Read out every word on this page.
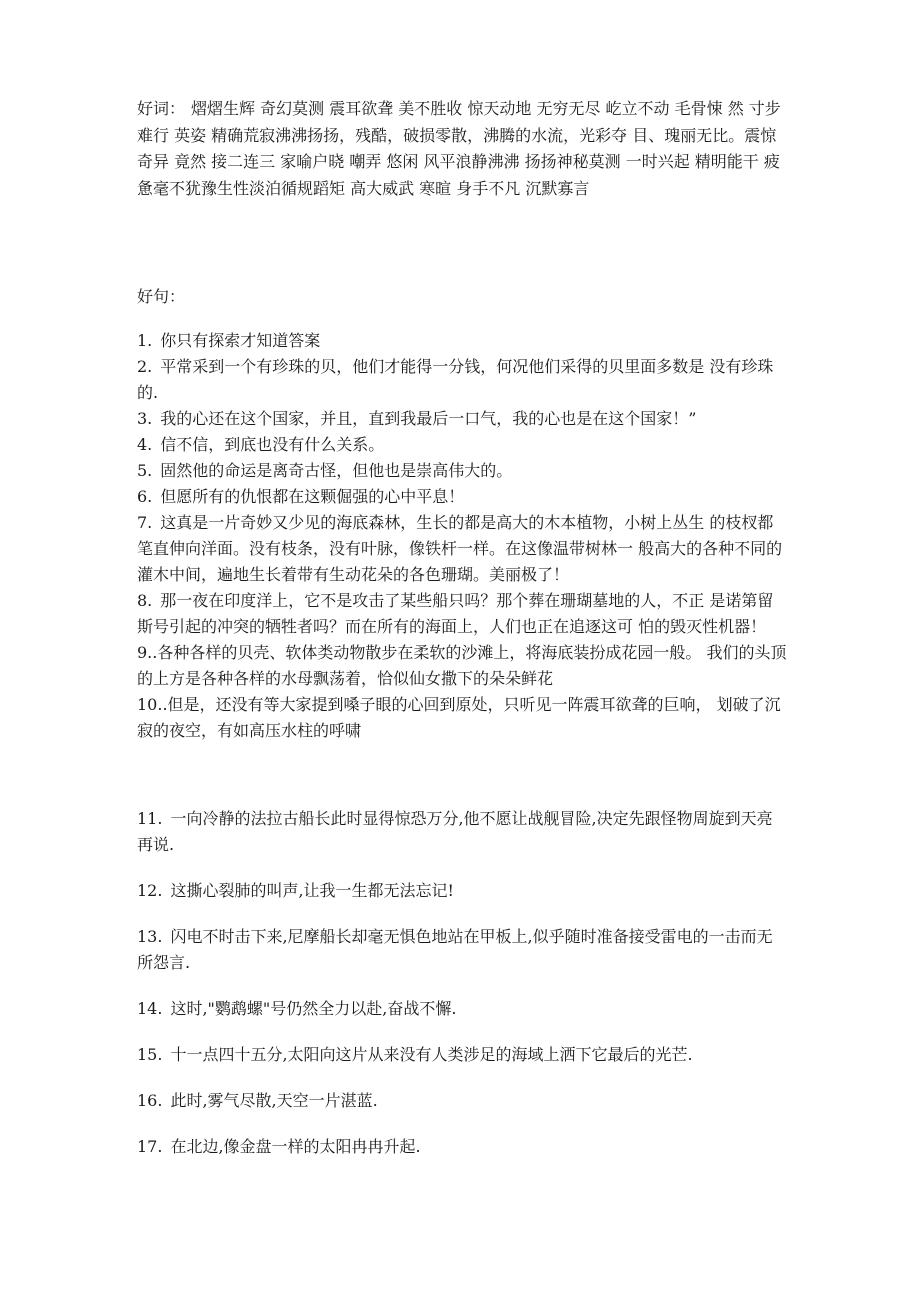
好词： 熠熠生辉 奇幻莫测 震耳欲聋 美不胜收 惊天动地 无穷无尽 屹立不动 毛骨悚 然 寸步难行 英姿 精确荒寂沸沸扬扬，残酷，破损零散，沸腾的水流，光彩夺 目、瑰丽无比。震惊 奇异 竟然 接二连三 家喻户晓 嘲弄 悠闲 风平浪静沸沸 扬扬神秘莫测 一时兴起 精明能干 疲惫毫不犹豫生性淡泊循规蹈矩 高大威武 寒暄 身手不凡 沉默寡言
好句：
1. 你只有探索才知道答案
2. 平常采到一个有珍珠的贝，他们才能得一分钱，何况他们采得的贝里面多数是 没有珍珠的.
3. 我的心还在这个国家，并且，直到我最后一口气，我的心也是在这个国家！”
4. 信不信，到底也没有什么关系。
5. 固然他的命运是离奇古怪，但他也是崇高伟大的。
6. 但愿所有的仇恨都在这颗倔强的心中平息！
7. 这真是一片奇妙又少见的海底森林，生长的都是高大的木本植物，小树上丛生 的枝杈都笔直伸向洋面。没有枝条，没有叶脉，像铁杆一样。在这像温带树林一 般高大的各种不同的灌木中间，遍地生长着带有生动花朵的各色珊瑚。美丽极了！
8. 那一夜在印度洋上，它不是攻击了某些船只吗？那个葬在珊瑚墓地的人，不正 是诺第留斯号引起的冲突的牺牲者吗？而在所有的海面上，人们也正在追逐这可 怕的毁灭性机器！
9..各种各样的贝壳、软体类动物散步在柔软的沙滩上，将海底装扮成花园一般。 我们的头顶的上方是各种各样的水母飘荡着，恰似仙女撒下的朵朵鲜花
10..但是，还没有等大家提到嗓子眼的心回到原处，只听见一阵震耳欲聋的巨响， 划破了沉寂的夜空，有如高压水柱的呼啸
11. 一向冷静的法拉古船长此时显得惊恐万分,他不愿让战舰冒险,决定先跟怪物周旋到天亮再说.
12. 这撕心裂肺的叫声,让我一生都无法忘记!
13. 闪电不时击下来,尼摩船长却毫无惧色地站在甲板上,似乎随时准备接受雷电的一击而无所怨言.
14. 这时,"鹦鹉螺"号仍然全力以赴,奋战不懈.
15. 十一点四十五分,太阳向这片从来没有人类涉足的海域上洒下它最后的光芒.
16. 此时,雾气尽散,天空一片湛蓝.
17. 在北边,像金盘一样的太阳冉冉升起.
